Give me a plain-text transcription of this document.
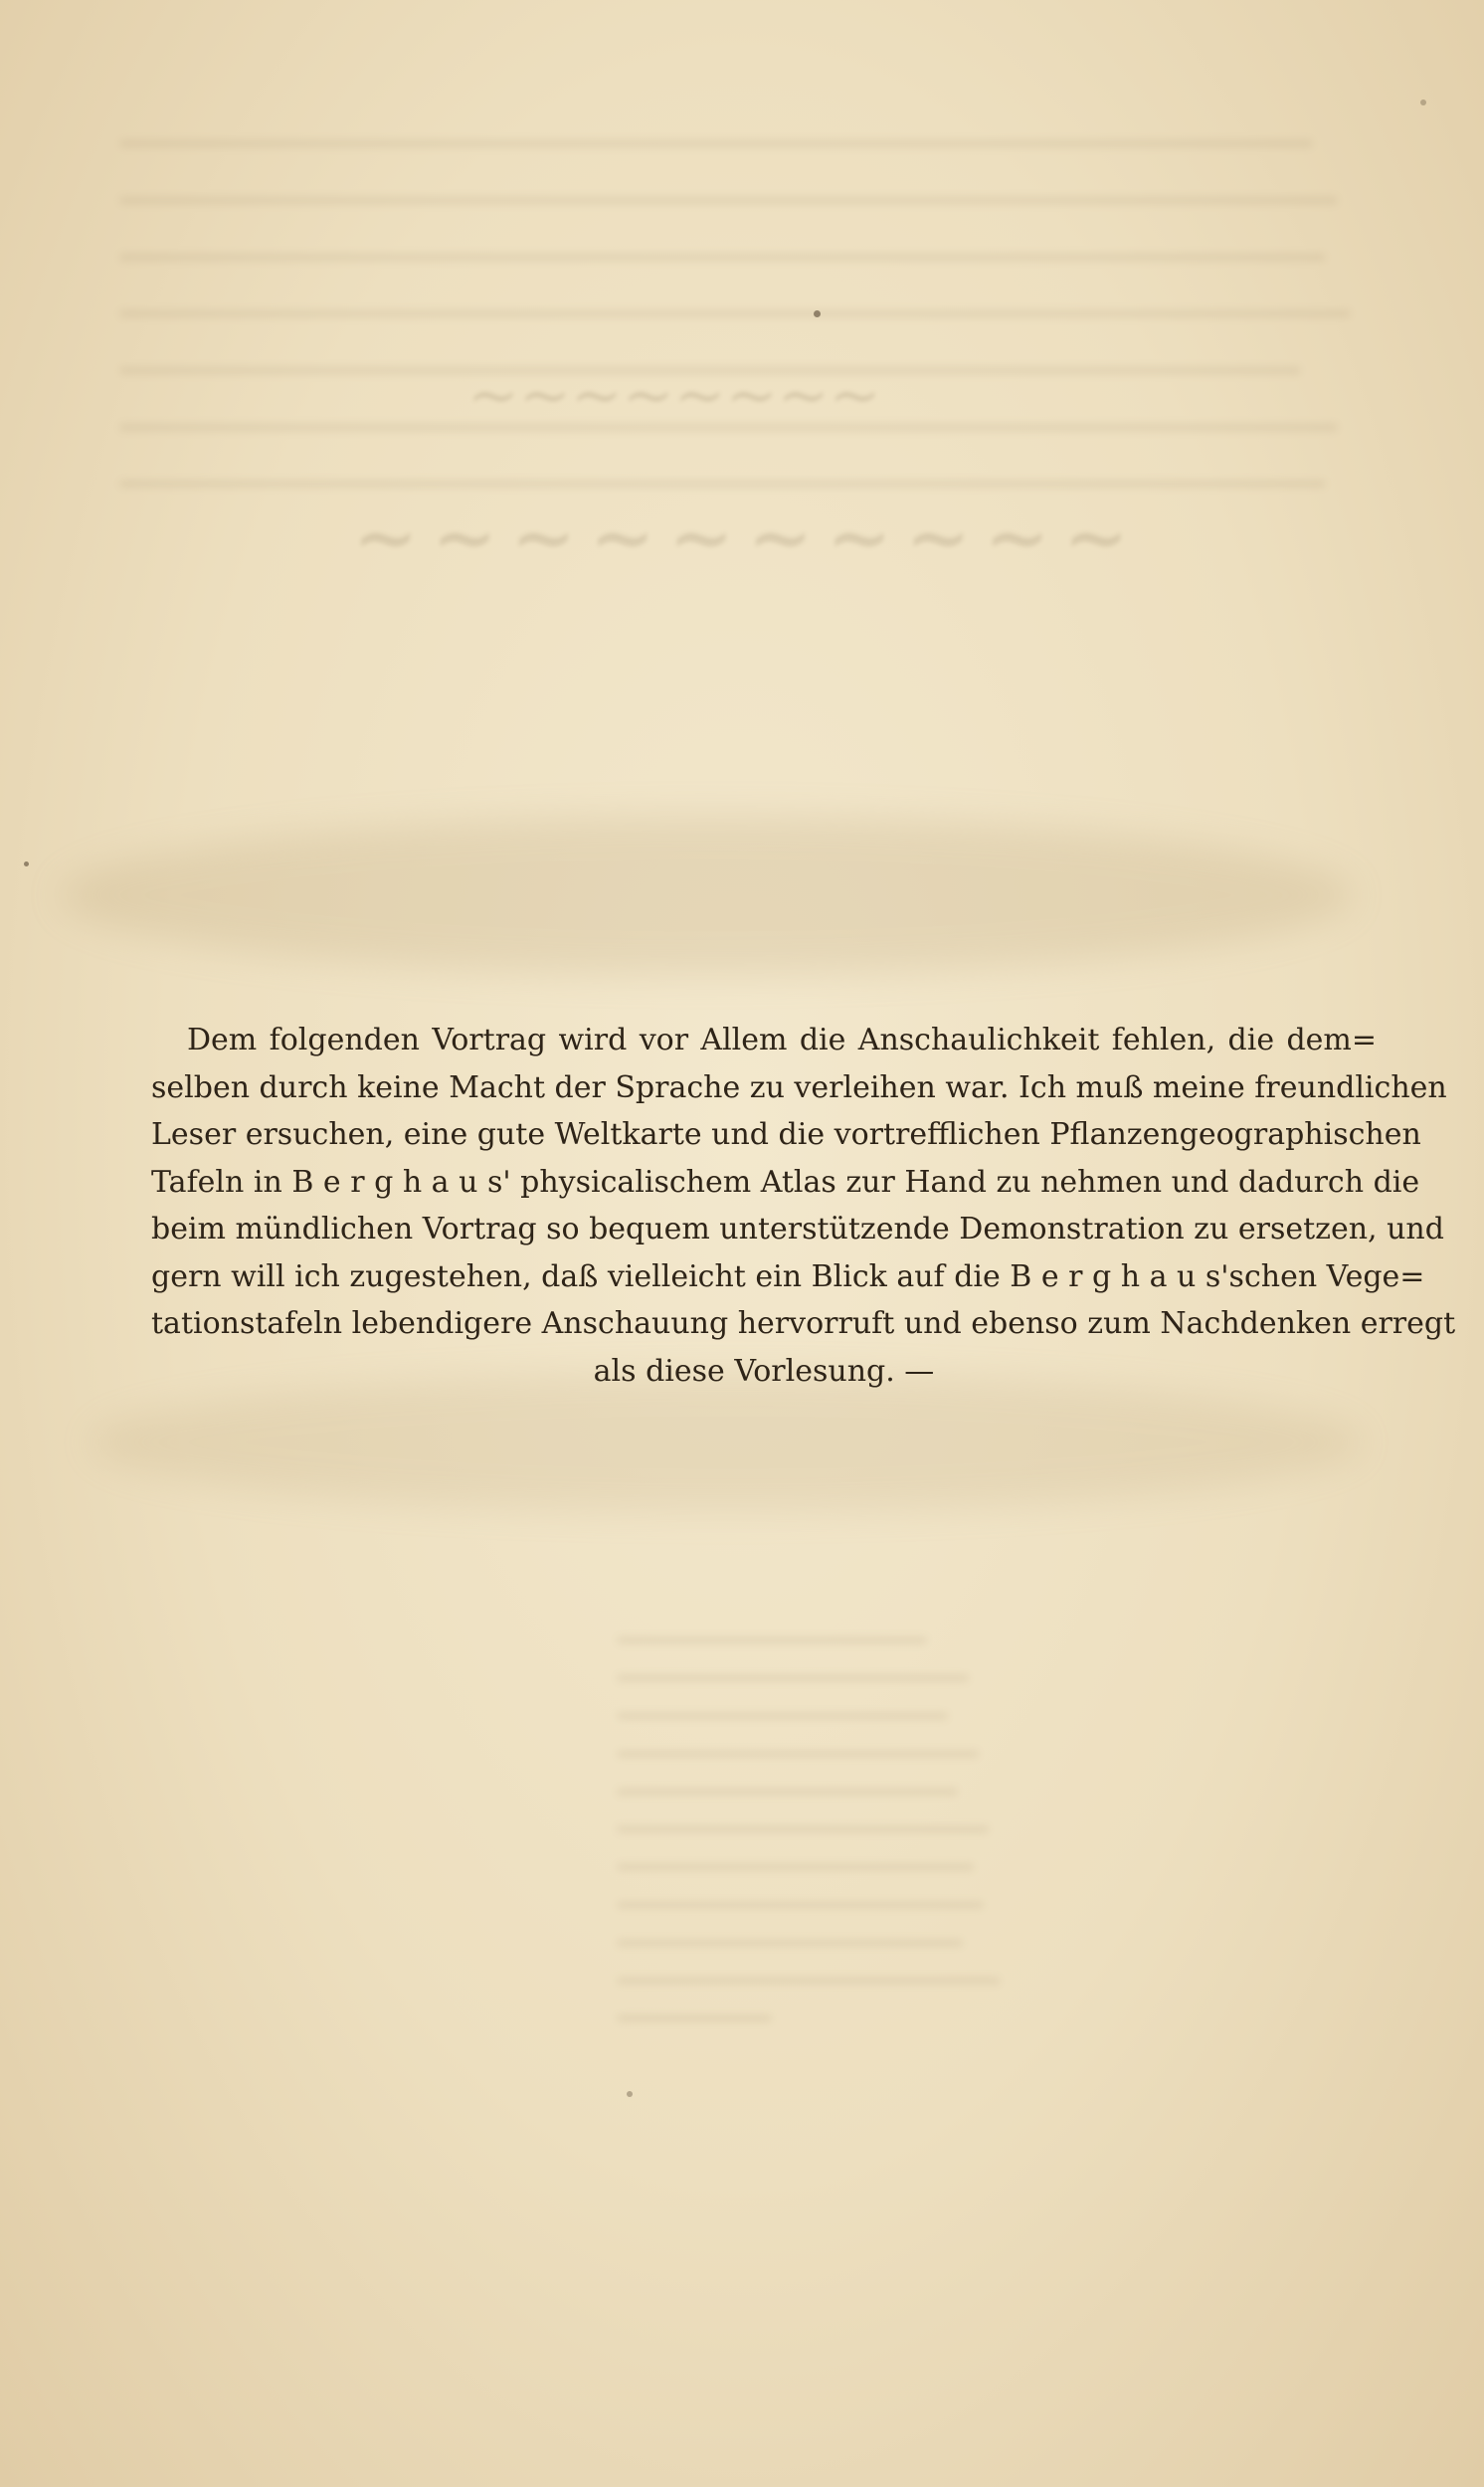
~~~~~~~~
~~~~~~~~~~
Dem folgenden Vortrag wird vor Allem die Anschaulichkeit fehlen, die dem=
selben durch keine Macht der Sprache zu verleihen war. Ich muß meine freundlichen
Leser ersuchen, eine gute Weltkarte und die vortrefflichen Pflanzengeographischen
Tafeln in B e r g h a u s' physicalischem Atlas zur Hand zu nehmen und dadurch die
beim mündlichen Vortrag so bequem unterstützende Demonstration zu ersetzen, und
gern will ich zugestehen, daß vielleicht ein Blick auf die B e r g h a u s'schen Vege=
tationstafeln lebendigere Anschauung hervorruft und ebenso zum Nachdenken erregt
als diese Vorlesung. —
